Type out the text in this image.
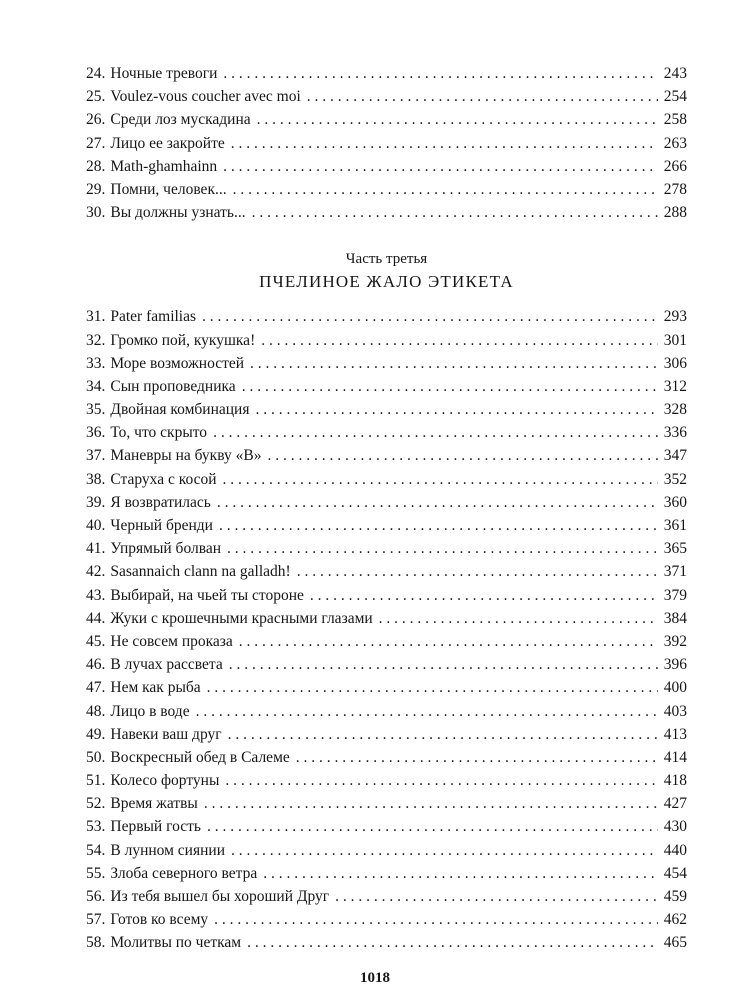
24. Ночные тревоги . . .	243
25. Voulez-vous coucher avec moi . . .	254
26. Среди лоз мускадина . . .	258
27. Лицо ее закройте . . .	263
28. Math-ghamhainn . . .	266
29. Помни, человек... . . .	278
30. Вы должны узнать... . . .	288
Часть третья
ПЧЕЛИНОЕ ЖАЛО ЭТИКЕТА
31. Pater familias . . .	293
32. Громко пой, кукушка! . . .	301
33. Море возможностей . . .	306
34. Сын проповедника . . .	312
35. Двойная комбинация . . .	328
36. То, что скрыто . . .	336
37. Маневры на букву «В» . . .	347
38. Старуха с косой . . .	352
39. Я возвратилась . . .	360
40. Черный бренди . . .	361
41. Упрямый болван . . .	365
42. Sasannaich clann na galladh! . . .	371
43. Выбирай, на чьей ты стороне . . .	379
44. Жуки с крошечными красными глазами . . .	384
45. Не совсем проказа . . .	392
46. В лучах рассвета . . .	396
47. Нем как рыба . . .	400
48. Лицо в воде . . .	403
49. Навеки ваш друг . . .	413
50. Воскресный обед в Салеме . . .	414
51. Колесо фортуны . . .	418
52. Время жатвы . . .	427
53. Первый гость . . .	430
54. В лунном сиянии . . .	440
55. Злоба северного ветра . . .	454
56. Из тебя вышел бы хороший Друг . . .	459
57. Готов ко всему . . .	462
58. Молитвы по четкам . . .	465
1018
